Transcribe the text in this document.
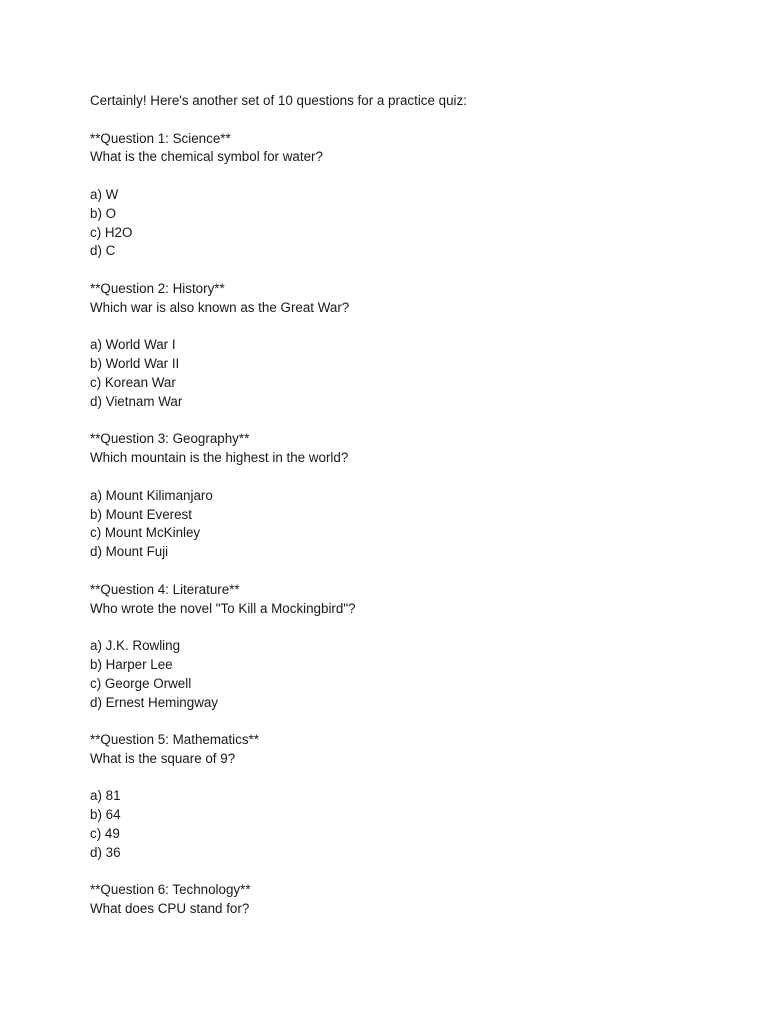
Certainly! Here's another set of 10 questions for a practice quiz:
**Question 1: Science**
What is the chemical symbol for water?
a) W
b) O
c) H2O
d) C
**Question 2: History**
Which war is also known as the Great War?
a) World War I
b) World War II
c) Korean War
d) Vietnam War
**Question 3: Geography**
Which mountain is the highest in the world?
a) Mount Kilimanjaro
b) Mount Everest
c) Mount McKinley
d) Mount Fuji
**Question 4: Literature**
Who wrote the novel "To Kill a Mockingbird"?
a) J.K. Rowling
b) Harper Lee
c) George Orwell
d) Ernest Hemingway
**Question 5: Mathematics**
What is the square of 9?
a) 81
b) 64
c) 49
d) 36
**Question 6: Technology**
What does CPU stand for?
